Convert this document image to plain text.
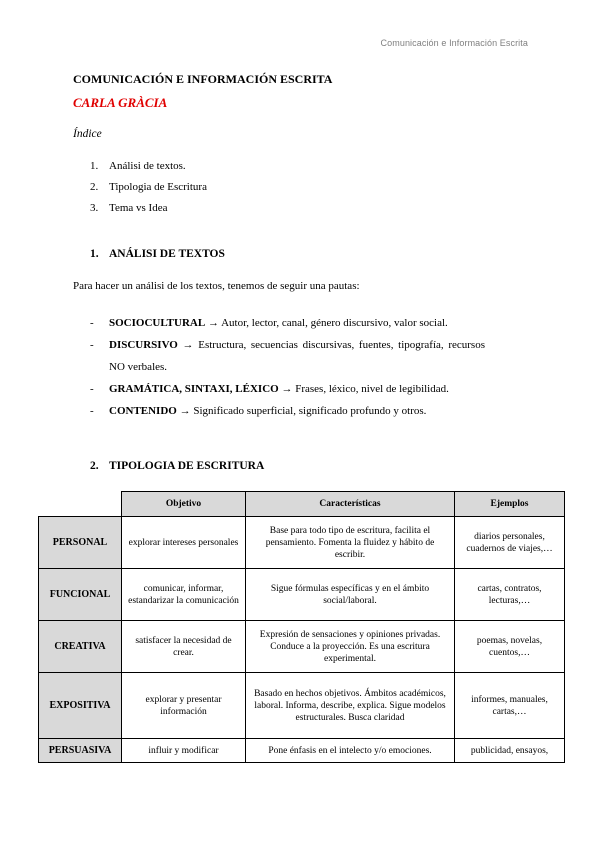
Comunicación e Información Escrita
COMUNICACIÓN E INFORMACIÓN ESCRITA
CARLA GRÀCIA
Índice
1. Análisi de textos.
2. Tipologia de Escritura
3. Tema vs Idea
1. ANÁLISI DE TEXTOS

Para hacer un análisi de los textos, tenemos de seguir una pautas:

-	SOCIOCULTURAL → Autor, lector, canal, género discursivo, valor social.
-	DISCURSIVO → Estructura, secuencias discursivas, fuentes, tipografía, recursos NO verbales.
-	GRAMÁTICA, SINTAXI, LÉXICO → Frases, léxico, nivel de legibilidad.
-	CONTENIDO → Significado superficial, significado profundo y otros.
2. TIPOLOGIA DE ESCRITURA
	Objetivo	Características	Ejemplos
PERSONAL	explorar intereses personales	Base para todo tipo de escritura, facilita el pensamiento. Fomenta la fluidez y hábito de escribir.	diarios personales, cuadernos de viajes,…
FUNCIONAL	comunicar, informar, estandarizar la comunicación	Sigue fórmulas específicas y en el ámbito social/laboral.	cartas, contratos, lecturas,…
CREATIVA	satisfacer la necesidad de crear.	Expresión de sensaciones y opiniones privadas. Conduce a la proyección. Es una escritura experimental.	poemas, novelas, cuentos,…
EXPOSITIVA	explorar y presentar información	Basado en hechos objetivos. Ámbitos académicos, laboral. Informa, describe, explica. Sigue modelos estructurales. Busca claridad	informes, manuales, cartas,…
PERSUASIVA	influir y modificar	Pone énfasis en el intelecto y/o emociones.	publicidad, ensayos,
